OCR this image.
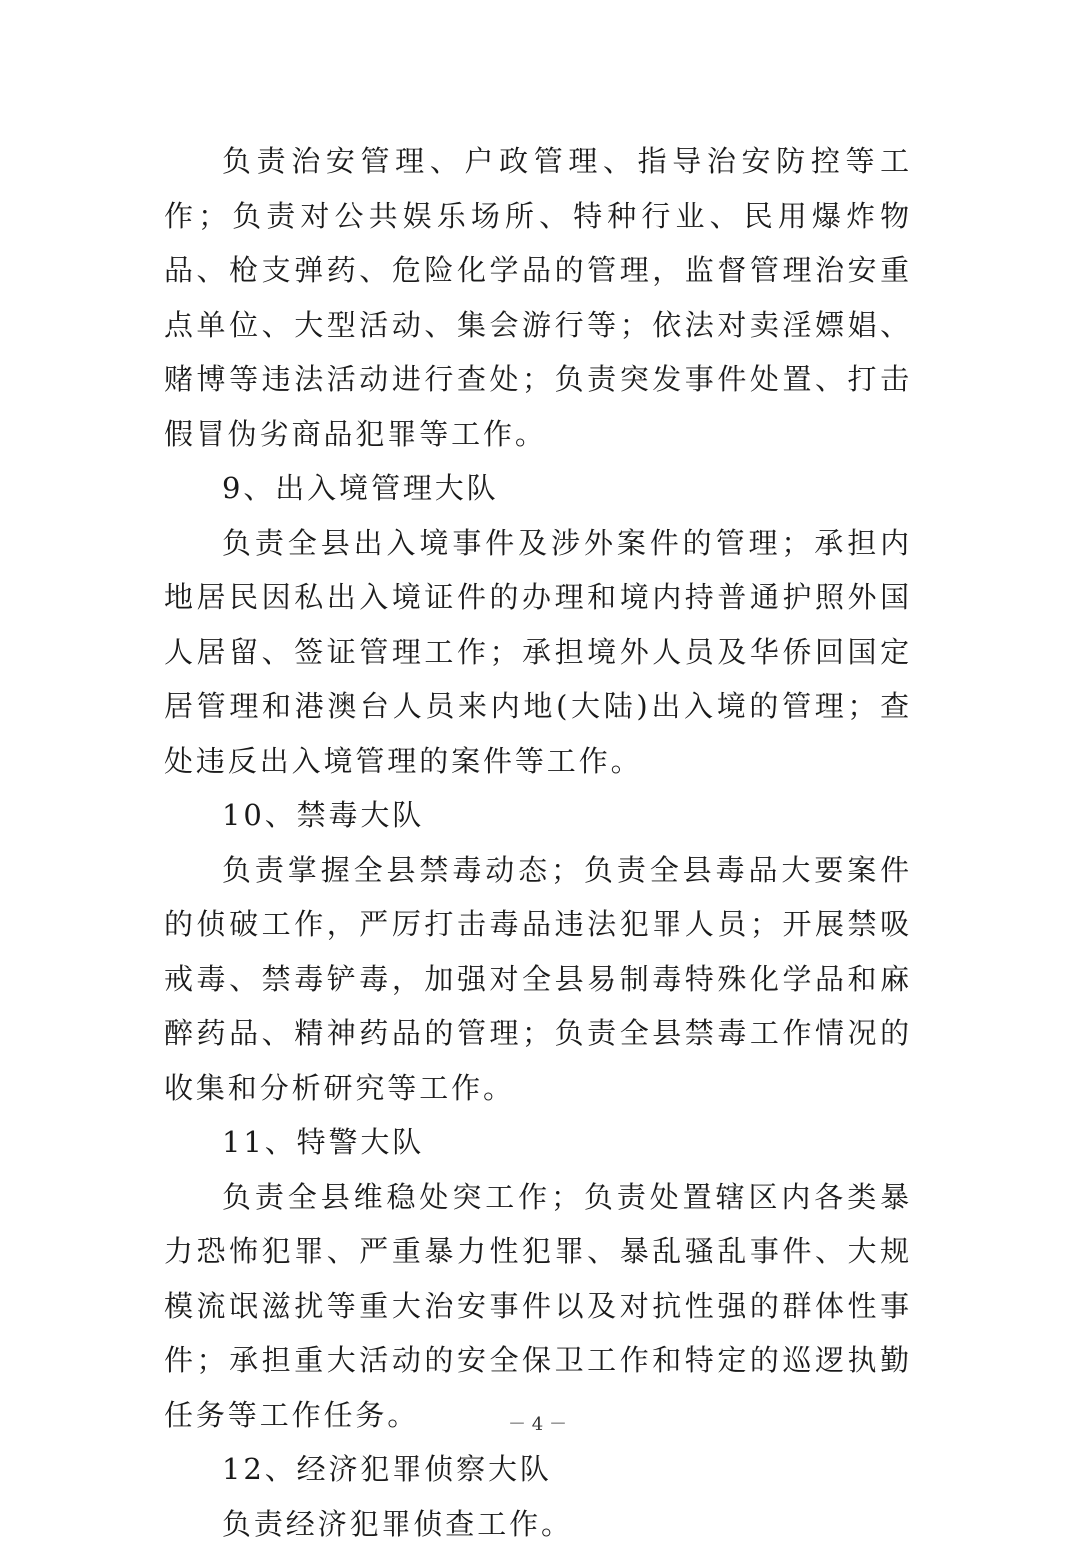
负责治安管理、户政管理、指导治安防控等工作；负责对公共娱乐场所、特种行业、民用爆炸物品、枪支弹药、危险化学品的管理，监督管理治安重点单位、大型活动、集会游行等；依法对卖淫嫖娼、赌博等违法活动进行查处；负责突发事件处置、打击假冒伪劣商品犯罪等工作。

9、出入境管理大队

负责全县出入境事件及涉外案件的管理；承担内地居民因私出入境证件的办理和境内持普通护照外国人居留、签证管理工作；承担境外人员及华侨回国定居管理和港澳台人员来内地(大陆)出入境的管理；查处违反出入境管理的案件等工作。

10、禁毒大队

负责掌握全县禁毒动态；负责全县毒品大要案件的侦破工作，严厉打击毒品违法犯罪人员；开展禁吸戒毒、禁毒铲毒，加强对全县易制毒特殊化学品和麻醉药品、精神药品的管理；负责全县禁毒工作情况的收集和分析研究等工作。

11、特警大队

负责全县维稳处突工作；负责处置辖区内各类暴力恐怖犯罪、严重暴力性犯罪、暴乱骚乱事件、大规模流氓滋扰等重大治安事件以及对抗性强的群体性事件；承担重大活动的安全保卫工作和特定的巡逻执勤任务等工作任务。

12、经济犯罪侦察大队

负责经济犯罪侦查工作。

－ 4 －
